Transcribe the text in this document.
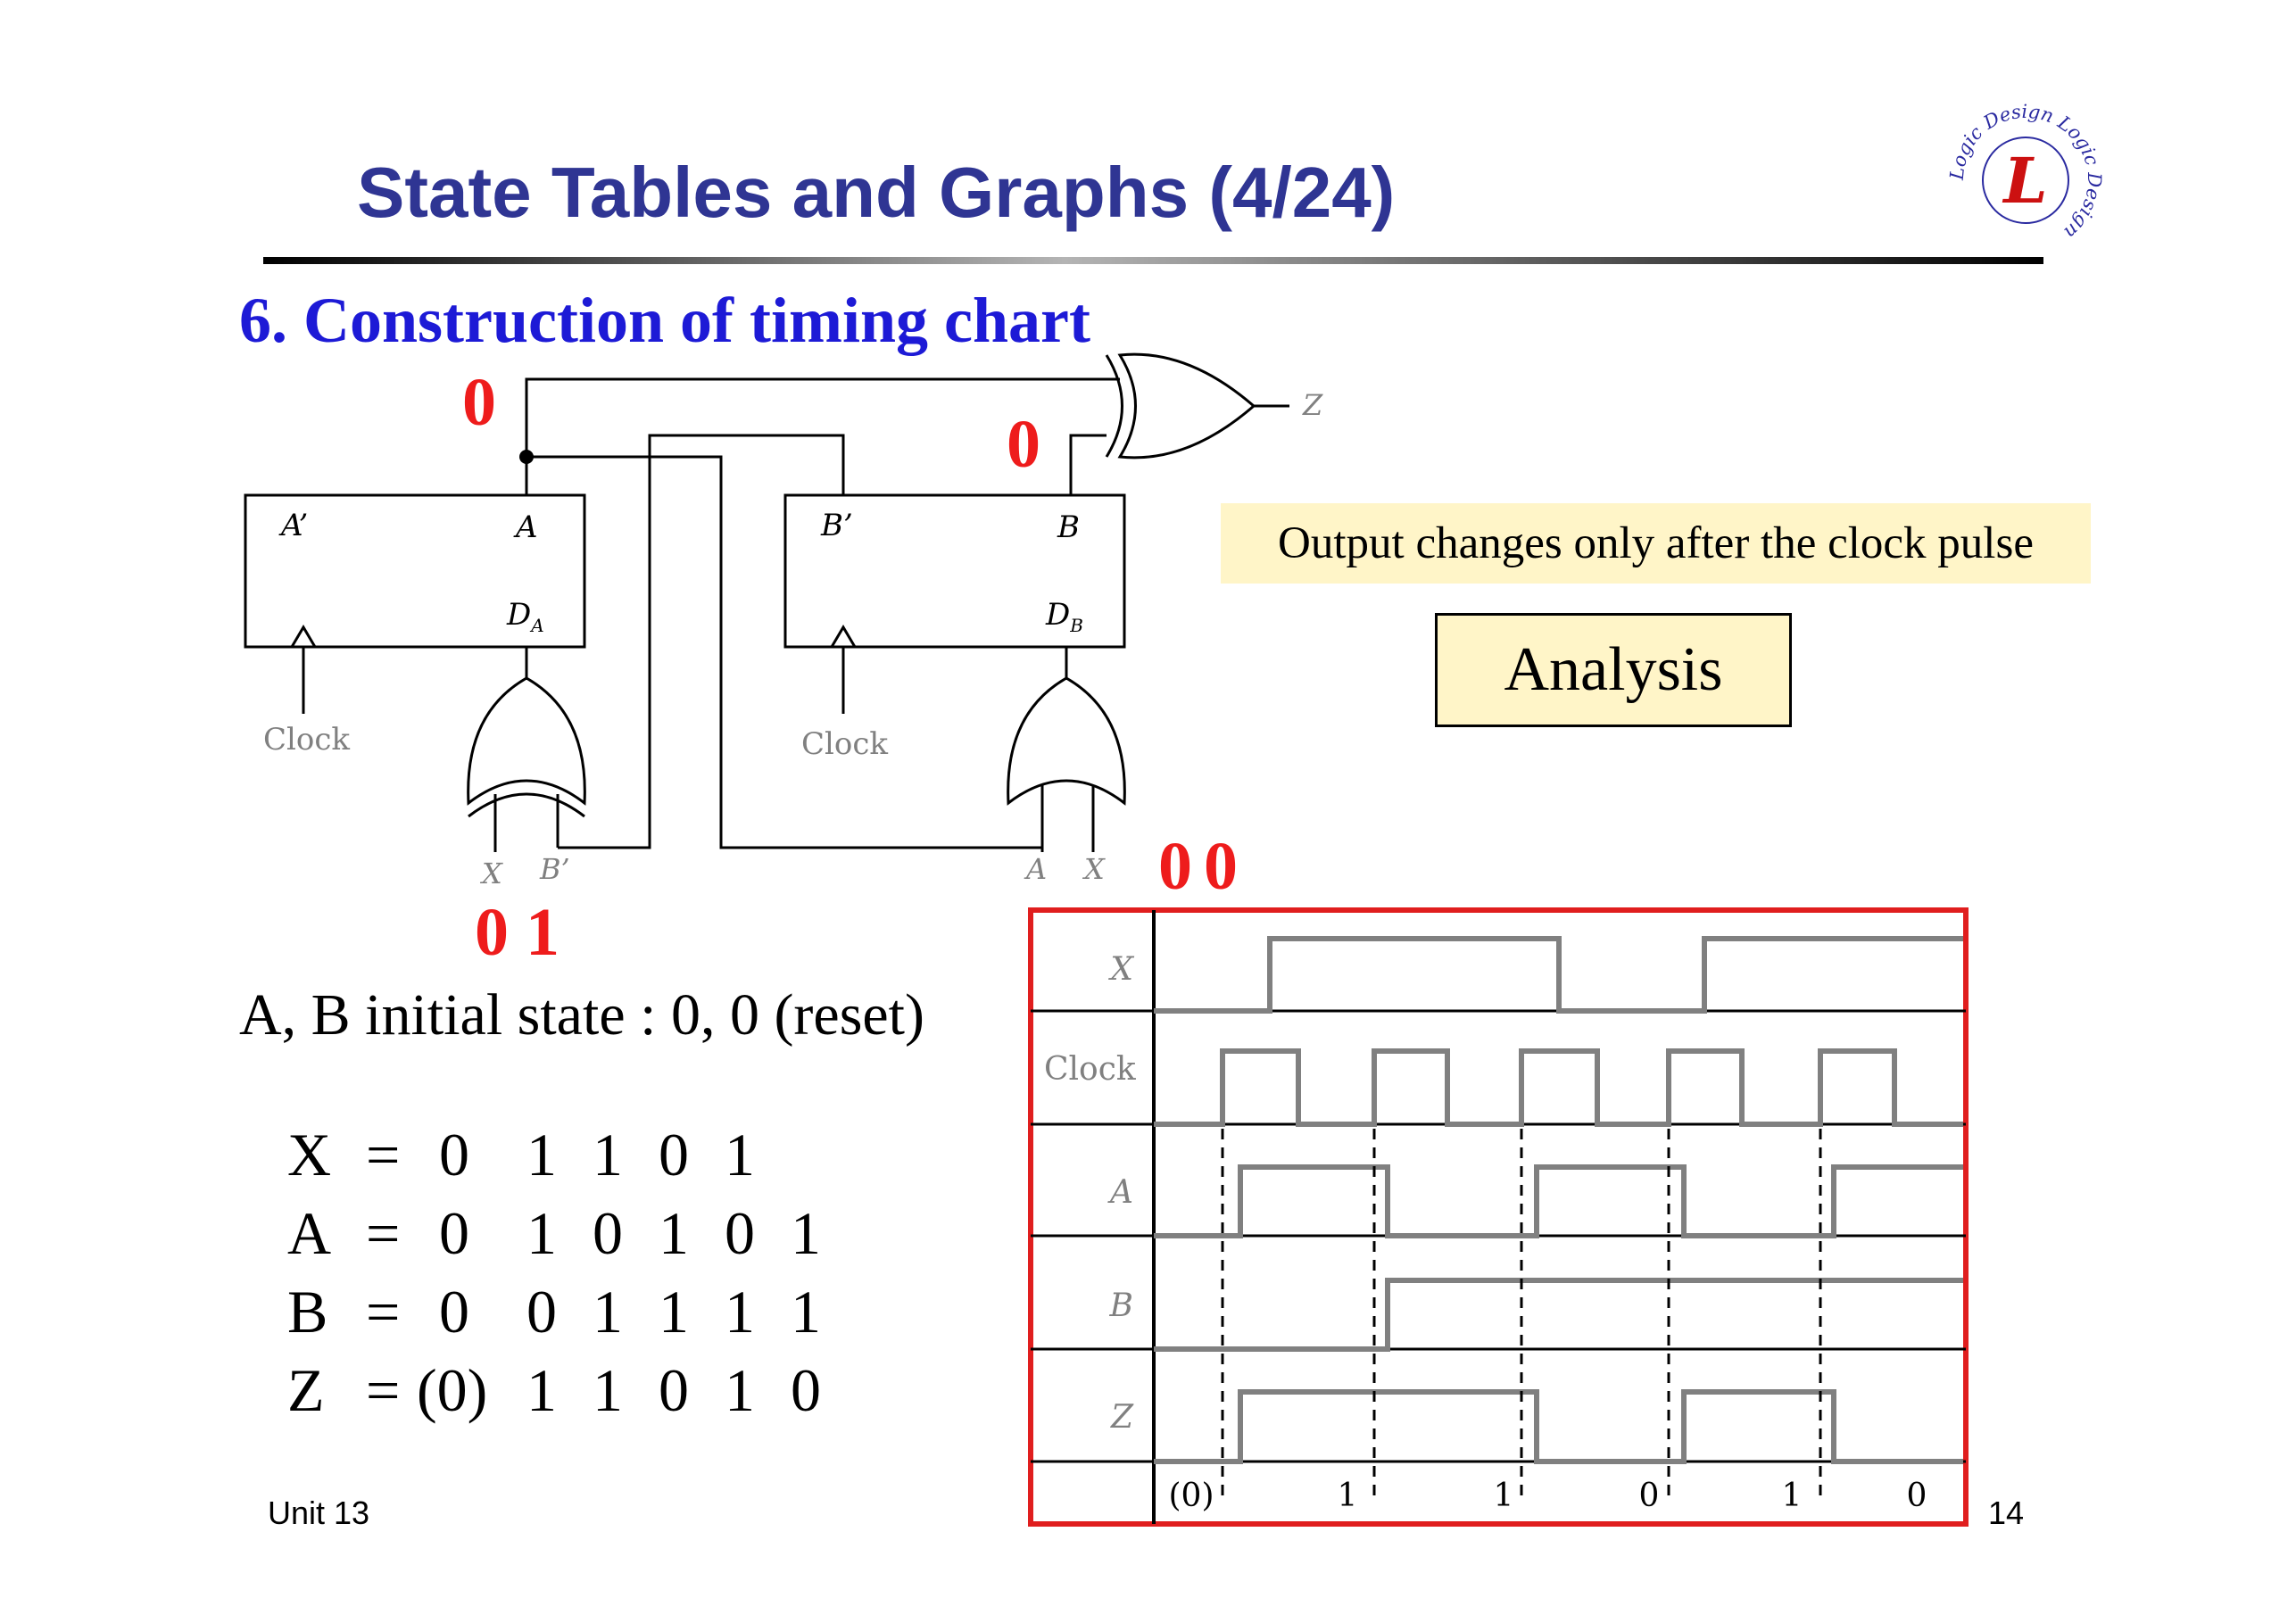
State Tables and Graphs (4/24)	Logic Design Logic Design
L
6. Construction of timing chart
A’	A
$D_A$
B’	B
$D_B$
Clock	Clock
X B’	A X
Z
0
0
0 1
0 0
Output changes only after the clock pulse
Analysis
A, B initial state : 0, 0 (reset)
X = 0 1 1 0 1
A = 0 1 0 1 0 1
B = 0 0 1 1 1 1
Z = (0) 1 1 0 1 0
Unit 13	14
X
Clock
A
B
Z
(0)	1	1	0	1	0
